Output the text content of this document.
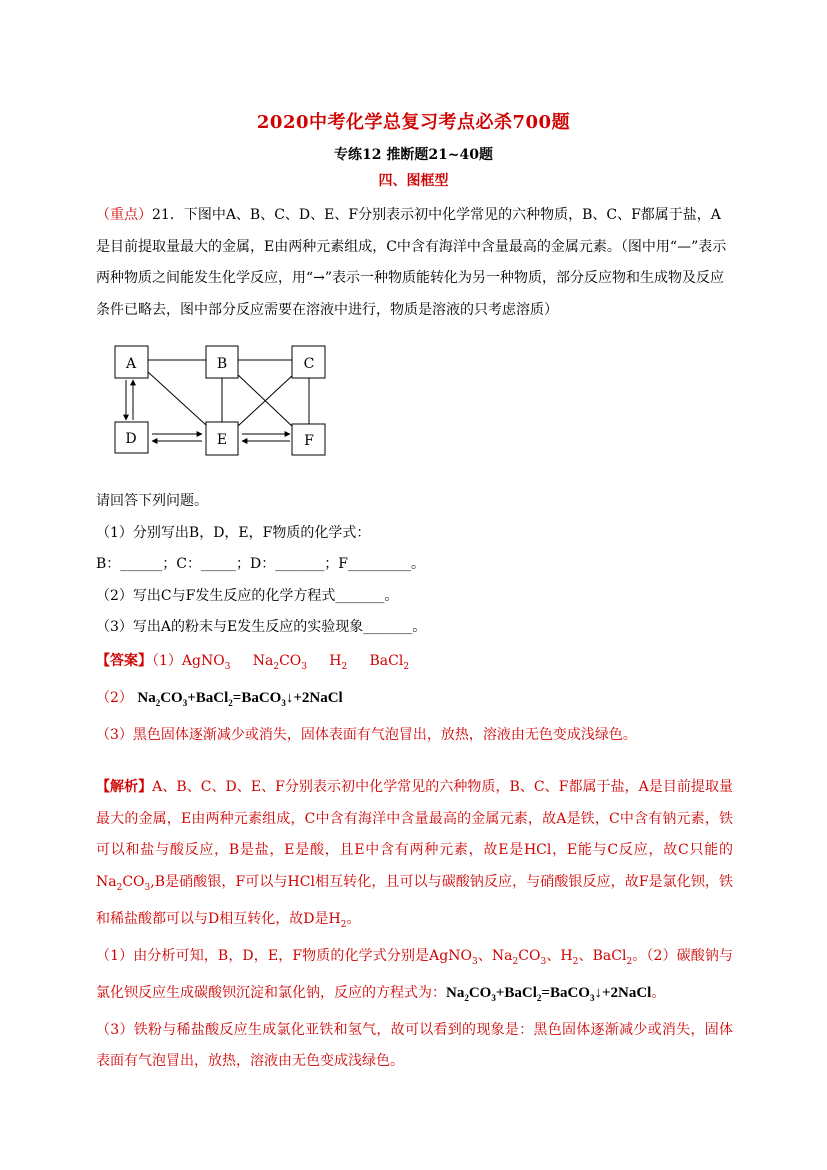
2020中考化学总复习考点必杀700题
专练12 推断题21~40题
四、图框型
（重点）21．下图中A、B、C、D、E、F分别表示初中化学常见的六种物质，B、C、F都属于盐，A是目前提取量最大的金属，E由两种元素组成，C中含有海洋中含量最高的金属元素。（图中用“—”表示两种物质之间能发生化学反应，用“→”表示一种物质能转化为另一种物质，部分反应物和生成物及反应条件已略去，图中部分反应需要在溶液中进行，物质是溶液的只考虑溶质）
A	B	C
D	E	F
请回答下列问题。
（1）分别写出B，D，E，F物质的化学式：
B：______；C：_____；D：_______；F_________。
（2）写出C与F发生反应的化学方程式_______。
（3）写出A的粉末与E发生反应的实验现象_______。
【答案】（1）AgNO$_3$ $Na_2CO_3$ $H_2$ BaCl$_2$
（2） $Na_2CO_3+BaCl_2=BaCO_3↓+2NaCl$
（3）黑色固体逐渐减少或消失，固体表面有气泡冒出，放热，溶液由无色变成浅绿色。
【解析】A、B、C、D、E、F分别表示初中化学常见的六种物质，B、C、F都属于盐，A是目前提取量最大的金属，E由两种元素组成，C中含有海洋中含量最高的金属元素，故A是铁，C中含有钠元素，铁可以和盐与酸反应，B是盐，E是酸，且E中含有两种元素，故E是HCl，E能与C反应，故C只能的$Na_2CO_3,B$是硝酸银，F可以与HCl相互转化，且可以与碳酸钠反应，与硝酸银反应，故F是氯化钡，铁和稀盐酸都可以与D相互转化，故D是$H_2$。
（1）由分析可知，B，D，E，F物质的化学式分别是AgNO$_3$、$Na_2CO_3$、$H_2$、BaCl$_2$。（2）碳酸钠与氯化钡反应生成碳酸钡沉淀和氯化钠，反应的方程式为：$Na_2CO_3+BaCl_2=BaCO_3↓+2NaCl$。
（3）铁粉与稀盐酸反应生成氯化亚铁和氢气，故可以看到的现象是：黑色固体逐渐减少或消失，固体表面有气泡冒出，放热，溶液由无色变成浅绿色。
